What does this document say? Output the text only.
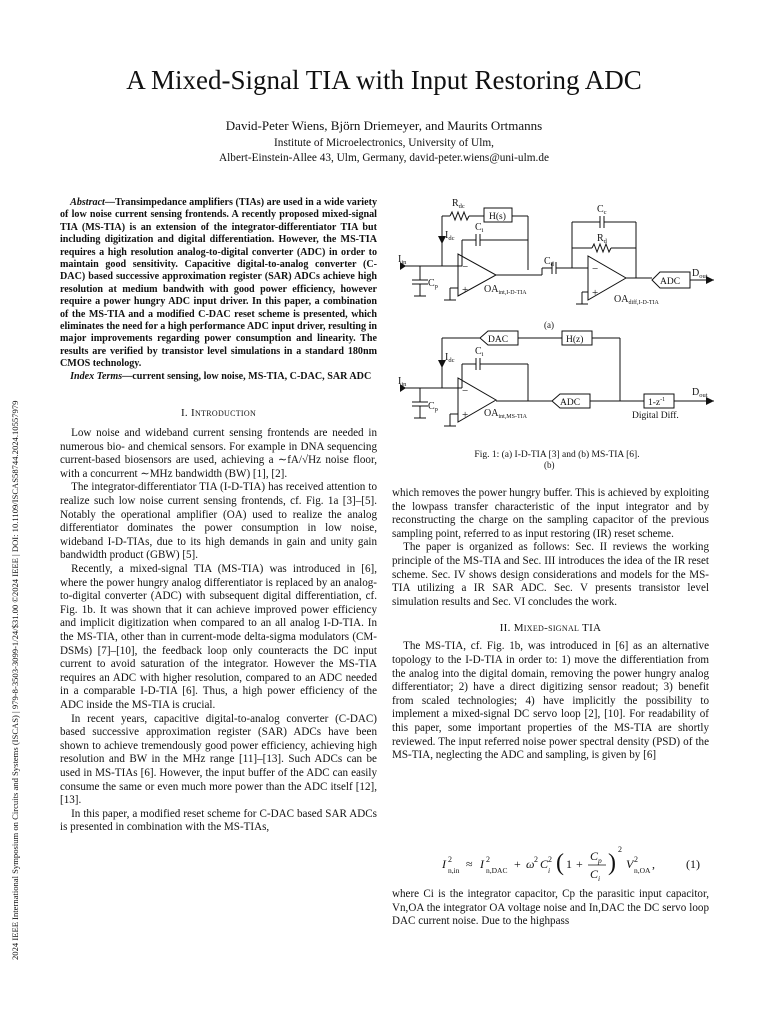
2024 IEEE International Symposium on Circuits and Systems (ISCAS) | 979-8-3503-3099-1/24/$31.00 ©2024 IEEE | DOI: 10.1109/ISCAS58744.2024.10557979
A Mixed-Signal TIA with Input Restoring ADC
David-Peter Wiens, Björn Driemeyer, and Maurits Ortmanns
Institute of Microelectronics, University of Ulm,
Albert-Einstein-Allee 43, Ulm, Germany, david-peter.wiens@uni-ulm.de

Abstract—Transimpedance amplifiers (TIAs) are used in a wide variety of low noise current sensing frontends. A recently proposed mixed-signal TIA (MS-TIA) is an extension of the integrator-differentiator TIA but including digitization and digital differentiation. However, the MS-TIA requires a high resolution analog-to-digital converter (ADC) in order to maintain good sensitivity. Capacitive digital-to-analog converter (C-DAC) based successive approximation register (SAR) ADCs achieve high resolution at medium bandwith with good power efficiency, however require a power hungry ADC input driver. In this paper, a combination of the MS-TIA and a modified C-DAC reset scheme is presented, which eliminates the need for a high performance ADC input driver, resulting in major improvements regarding power consumption and linearity. The results are verified by transistor level simulations in a standard 180nm CMOS technology.

Index Terms—current sensing, low noise, MS-TIA, C-DAC, SAR ADC

I. Introduction

Low noise and wideband current sensing frontends are needed in numerous bio- and chemical sensors. For example in DNA sequencing current-based biosensors are used, achieving a ∼fA/√Hz noise floor, with a concurrent ∼MHz bandwidth (BW) [1], [2].

The integrator-differentiator TIA (I-D-TIA) has received attention to realize such low noise current sensing frontends, cf. Fig. 1a [3]–[5]. Notably the operational amplifier (OA) used to realize the analog differentiator dominates the power consumption in low noise, wideband I-D-TIAs, due to its high demands in gain and unity gain bandwidth product (GBW) [5].

Recently, a mixed-signal TIA (MS-TIA) was introduced in [6], where the power hungry analog differentiator is replaced by an analog-to-digital converter (ADC) with subsequent digital differentiation, cf. Fig. 1b. It was shown that it can achieve improved power efficiency and implicit digitization when compared to an all analog I-D-TIA. In the MS-TIA, other than in current-mode delta-sigma modulators (CM-DSMs) [7]–[10], the feedback loop only counteracts the DC input current to avoid saturation of the integrator. However the MS-TIA requires an ADC with higher resolution, compared to an ADC needed in a comparable I-D-TIA [6]. Thus, a high power efficiency of the ADC inside the MS-TIA is crucial.

In recent years, capacitive digital-to-analog converter (C-DAC) based successive approximation register (SAR) ADCs have been shown to achieve tremendously good power efficiency, achieving high resolution and BW in the MHz range [11]–[13]. Such ADCs can be used in MS-TIAs [6]. However, the input buffer of the ADC can easily consume the same or even much more power than the ADC itself [12], [13].

In this paper, a modified reset scheme for C-DAC based SAR ADCs is presented in combination with the MS-TIAs,

$R_{dc}$
H(s)
$I_{dc}$
$C_i$
$I_{in}$
$C_p$
−
+ $OA_{int,I-D-TIA}$
$C_d$
$C_c$
$R_d$
−
+
$OA_{diff,I-D-TIA}$
ADC
$D_{out}$
(a)
DAC	H(z)
$I_{dc}$
$C_i$
$I_{in}$
$C_p$
−
+ $OA_{int,MS-TIA}$
ADC	$1-z^{-1}$
Digital Diff.
$D_{out}$
(b)
Fig. 1: (a) I-D-TIA [3] and (b) MS-TIA [6].

which removes the power hungry buffer. This is achieved by exploiting the lowpass transfer characteristic of the input integrator and by reconstructing the charge on the sampling capacitor of the previous sampling point, referred to as input restoring (IR) reset scheme.

The paper is organized as follows: Sec. II reviews the working principle of the MS-TIA and Sec. III introduces the idea of the IR reset scheme. Sec. IV shows design considerations and models for the MS-TIA utilizing a IR SAR ADC. Sec. V presents transistor level simulation results and Sec. VI concludes the work.

II. Mixed-signal TIA

The MS-TIA, cf. Fig. 1b, was introduced in [6] as an alternative topology to the I-D-TIA in order to: 1) move the differentiation from the analog into the digital domain, removing the power hungry analog differentiator; 2) have a direct digitizing sensor readout; 3) benefit from scaled technologies; 4) have implicitly the possibility to implement a mixed-signal DC servo loop [2], [10]. For readability of this paper, some important properties of the MS-TIA are shortly reviewed. The input referred noise power spectral density (PSD) of the MS-TIA, neglecting the ADC and sampling, is given by [6]

I 2
n,in ≈ I 2
n,DAC + ω 2 C 2
i ( 1 +
C p
C i
)
2
V 2
n,OA ,	(1)

where Ci is the integrator capacitor, Cp the parasitic input capacitor, Vn,OA the integrator OA voltage noise and In,DAC the DC servo loop DAC current noise. Due to the highpass
